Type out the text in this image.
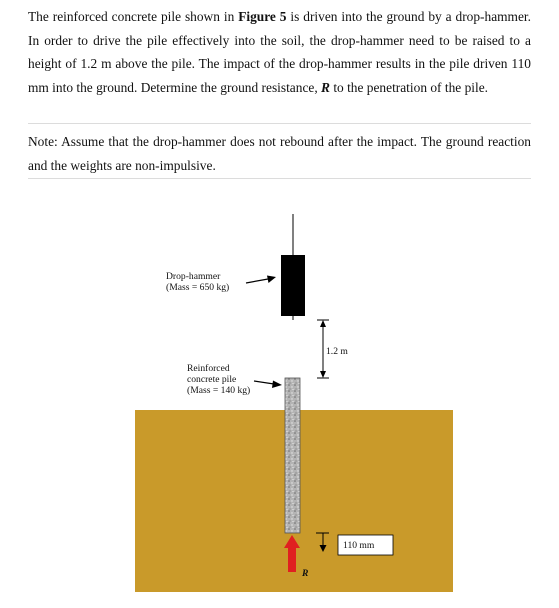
The reinforced concrete pile shown in Figure 5 is driven into the ground by a drop-hammer. In order to drive the pile effectively into the soil, the drop-hammer need to be raised to a height of 1.2 m above the pile. The impact of the drop-hammer results in the pile driven 110 mm into the ground. Determine the ground resistance, R to the penetration of the pile.

Note: Assume that the drop-hammer does not rebound after the impact. The ground reaction and the weights are non-impulsive.

Drop-hammer
(Mass = 650 kg)
Reinforced
concrete pile
(Mass = 140 kg)
1.2 m
110 mm
R
